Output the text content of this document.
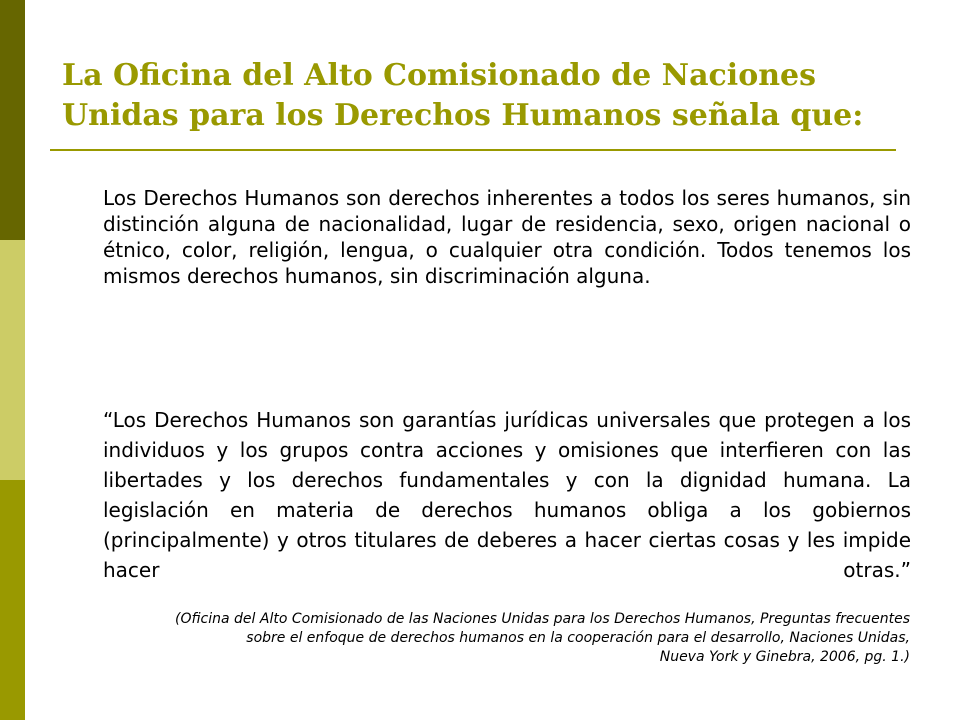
La Oficina del Alto Comisionado de Naciones
Unidas para los Derechos Humanos señala que:

Los Derechos Humanos son derechos inherentes a todos los seres humanos, sin distinción alguna de nacionalidad, lugar de residencia, sexo, origen nacional o étnico, color, religión, lengua, o cualquier otra condición. Todos tenemos los mismos derechos humanos, sin discriminación alguna.

“Los Derechos Humanos son garantías jurídicas universales que protegen a los individuos y los grupos contra acciones y omisiones que interfieren con las libertades y los derechos fundamentales y con la dignidad humana. La legislación en materia de derechos humanos obliga a los gobiernos (principalmente) y otros titulares de deberes a hacer ciertas cosas y les impide hacer otras.”

(Oficina del Alto Comisionado de las Naciones Unidas para los Derechos Humanos, Preguntas frecuentes
sobre el enfoque de derechos humanos en la cooperación para el desarrollo, Naciones Unidas,
Nueva York y Ginebra, 2006, pg. 1.)
